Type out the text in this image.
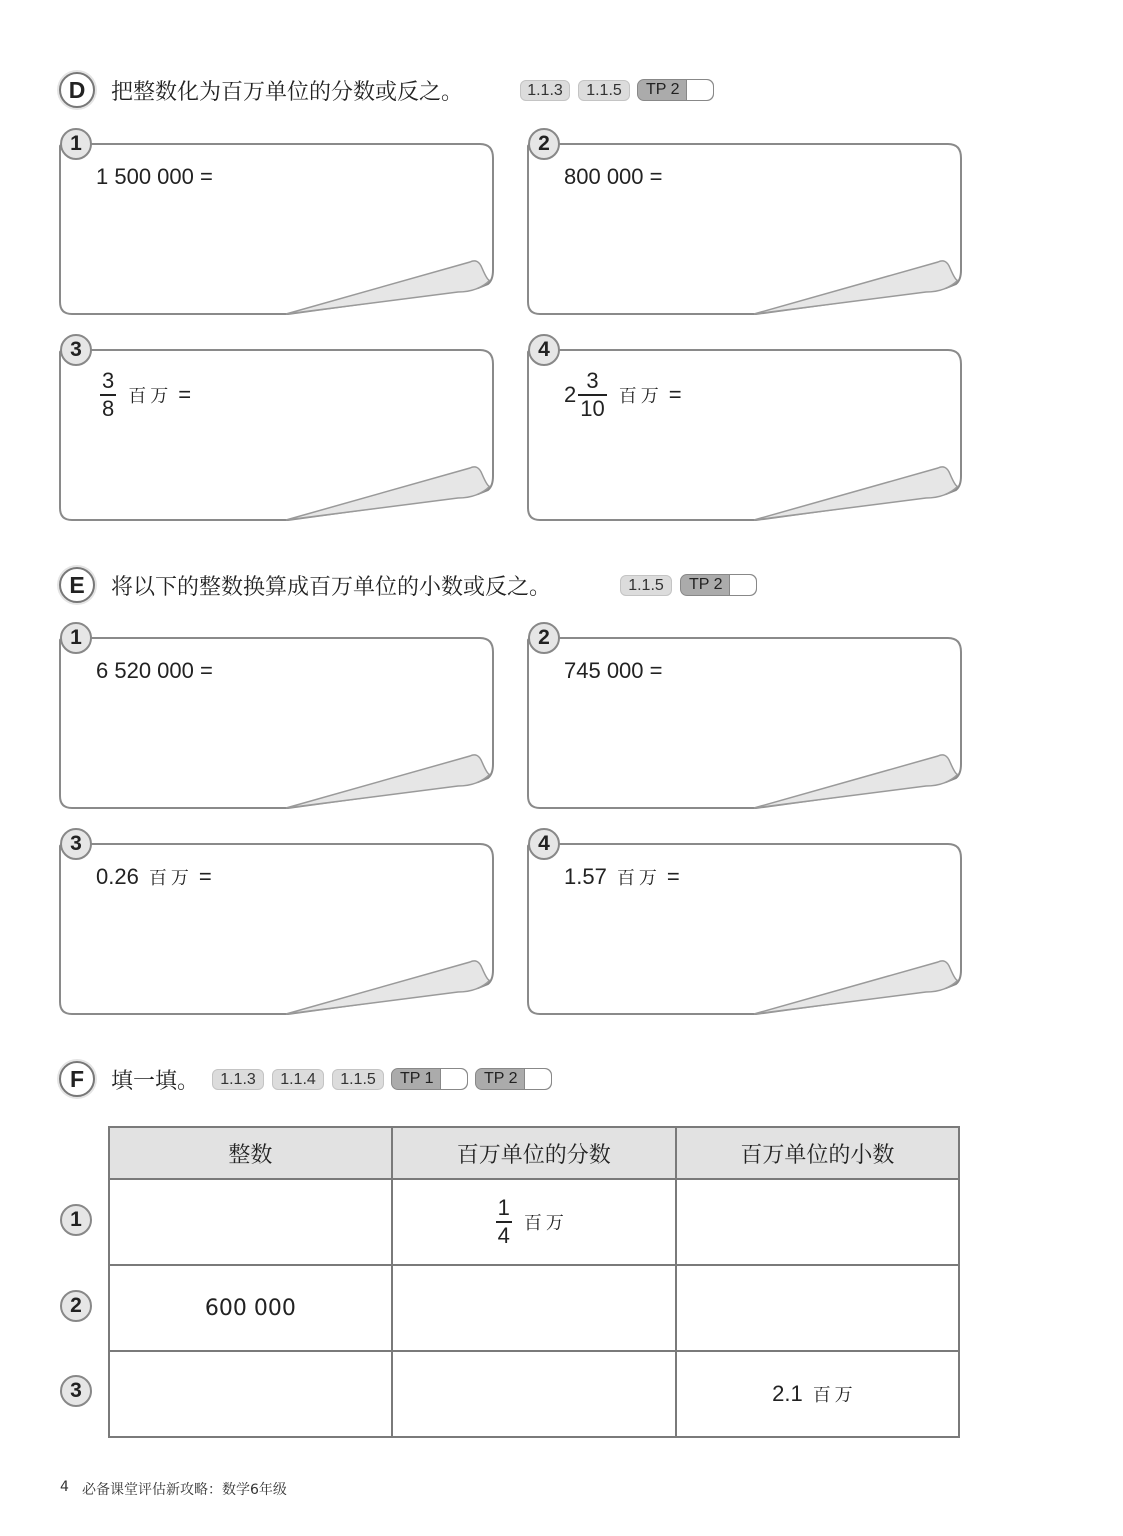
D	把整数化为百万单位的分数或反之。	1.1.3	1.1.5	TP 2
1
1 500 000 =
2
800 000 =
3
$\frac{3}{8}$ 百万 =
4
$2 \frac{3}{10}$ 百万 =
E	将以下的整数换算成百万单位的小数或反之。	1.1.5	TP 2
1
6 520 000 =
2
745 000 =
3
0.26 百万 =
4
1.57 百万 =
F	填一填。	1.1.3	1.1.4	1.1.5	TP 1	TP 2
1
2
3
整数	百万单位的分数	百万单位的小数

	$\frac{1}{4}$ 百万	

600 000		

		2.1 百万
4 必备课堂评估新攻略：数学6年级
